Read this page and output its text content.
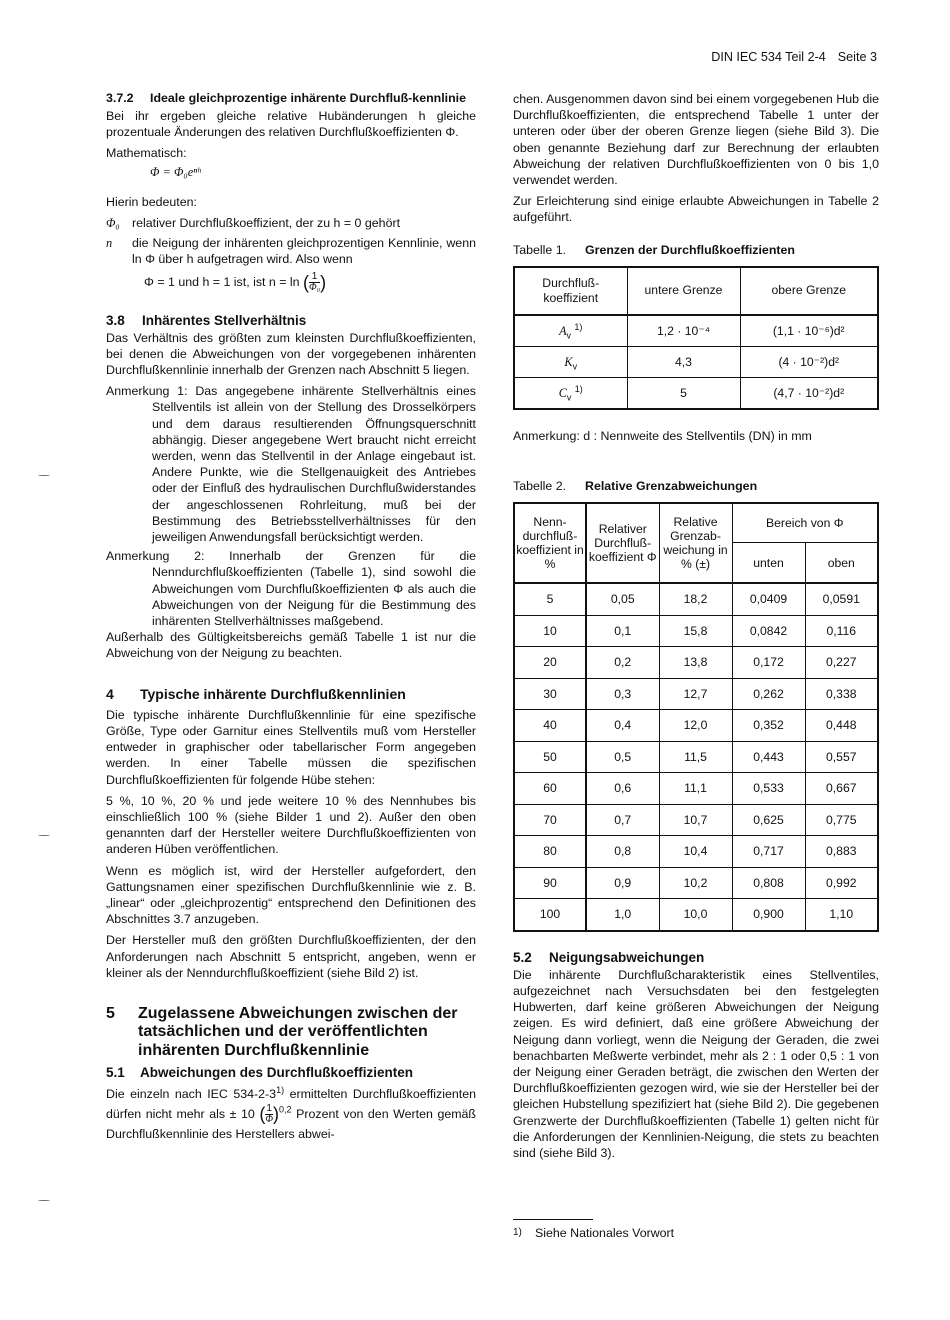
DIN IEC 534 Teil 2-4 Seite 3
3.7.2	Ideale gleichprozentige inhärente Durchfluß-kennlinie

Bei ihr ergeben gleiche relative Hubänderungen h gleiche prozentuale Änderungen des relativen Durchflußkoeffizienten Φ.

Mathematisch:

Φ = Φ₀eⁿʰ

Hierin bedeuten:

Φ₀ relativer Durchflußkoeffizient, der zu h = 0 gehört
n	die Neigung der inhärenten gleichprozentigen Kennlinie, wenn ln Φ über h aufgetragen wird. Also wenn
Φ = 1 und h = 1 ist, ist n = ln ( $\frac{1}{\text{Φ₀}}$ )
3.8	Inhärentes Stellverhältnis

Das Verhältnis des größten zum kleinsten Durchflußkoeffizienten, bei denen die Abweichungen von der vorgegebenen inhärenten Durchflußkennlinie innerhalb der Grenzen nach Abschnitt 5 liegen.

Anmerkung 1: Das angegebene inhärente Stellverhältnis eines Stellventils ist allein von der Stellung des Drosselkörpers und dem daraus resultierenden Öffnungsquerschnitt abhängig. Dieser angegebene Wert braucht nicht erreicht werden, wenn das Stellventil in der Anlage eingebaut ist. Andere Punkte, wie die Stellgenauigkeit des Antriebes oder der Einfluß des hydraulischen Durchflußwiderstandes der angeschlossenen Rohrleitung, muß bei der Bestimmung des Betriebsstellverhältnisses für den jeweiligen Anwendungsfall berücksichtigt werden.

Anmerkung 2: Innerhalb der Grenzen für die Nenndurchflußkoeffizienten (Tabelle 1), sind sowohl die Abweichungen vom Durchflußkoeffizienten Φ als auch die Abweichungen von der Neigung für die Bestimmung des inhärenten Stellverhältnisses maßgebend.

Außerhalb des Gültigkeitsbereichs gemäß Tabelle 1 ist nur die Abweichung von der Neigung zu beachten.

4	Typische inhärente Durchflußkennlinien

Die typische inhärente Durchflußkennlinie für eine spezifische Größe, Type oder Garnitur eines Stellventils muß vom Hersteller entweder in graphischer oder tabellarischer Form angegeben werden. In einer Tabelle müssen die spezifischen Durchflußkoeffizienten für folgende Hübe stehen:

5 %, 10 %, 20 % und jede weitere 10 % des Nennhubes bis einschließlich 100 % (siehe Bilder 1 und 2). Außer den oben genannten darf der Hersteller weitere Durchflußkoeffizienten von anderen Hüben veröffentlichen.

Wenn es möglich ist, wird der Hersteller aufgefordert, den Gattungsnamen einer spezifischen Durchflußkennlinie wie z. B. „linear“ oder „gleichprozentig“ entsprechend den Definitionen des Abschnittes 3.7 anzugeben.

Der Hersteller muß den größten Durchflußkoeffizienten, der den Anforderungen nach Abschnitt 5 entspricht, angeben, wenn er kleiner als der Nenndurchflußkoeffizient (siehe Bild 2) ist.

5	Zugelassene Abweichungen zwischen der tatsächlichen und der veröffentlichten inhärenten Durchflußkennlinie
5.1	Abweichungen des Durchflußkoeffizienten

Die einzeln nach IEC 534-2-3$^{1)}$ ermittelten Durchflußkoeffizienten dürfen nicht mehr als ± 10 ( $\frac{1}{\Phi} )^{0,2}$ Prozent von den Werten gemäß Durchflußkennlinie des Herstellers abwei-

chen. Ausgenommen davon sind bei einem vorgegebenen Hub die Durchflußkoeffizienten, die entsprechend Tabelle 1 unter der unteren oder über der oberen Grenze liegen (siehe Bild 3). Die oben genannte Beziehung darf zur Berechnung der erlaubten Abweichung der relativen Durchflußkoeffizienten von 0 bis 1,0 verwendet werden.

Zur Erleichterung sind einige erlaubte Abweichungen in Tabelle 2 aufgeführt.

Tabelle 1. Grenzen der Durchflußkoeffizienten
Durchfluß-koeffizient	untere Grenze	obere Grenze
$A_v$ $^{1)}$	1,2 · 10⁻⁴	(1,1 · 10⁻⁶)d²
$K_v$	4,3	(4 · 10⁻²)d²
$C_v$ $^{1)}$	5	(4,7 · 10⁻²)d²

Anmerkung: d : Nennweite des Stellventils (DN) in mm

Tabelle 2. Relative Grenzabweichungen
Nenn-durchfluß-koeffizient in %	Relativer Durchfluß-koeffizient Φ	Relative Grenzab-weichung in % (±)	Bereich von Φ	
			unten	oben
5	0,05	18,2	0,0409	0,0591
10	0,1	15,8	0,0842	0,116
20	0,2	13,8	0,172	0,227
30	0,3	12,7	0,262	0,338
40	0,4	12,0	0,352	0,448
50	0,5	11,5	0,443	0,557
60	0,6	11,1	0,533	0,667
70	0,7	10,7	0,625	0,775
80	0,8	10,4	0,717	0,883
90	0,9	10,2	0,808	0,992
100	1,0	10,0	0,900	1,10
5.2	Neigungsabweichungen

Die inhärente Durchflußcharakteristik eines Stellventiles, aufgezeichnet nach Versuchsdaten bei den festgelegten Hubwerten, darf keine größeren Abweichungen der Neigung zeigen. Es wird definiert, daß eine größere Abweichung der Neigung dann vorliegt, wenn die Neigung der Geraden, die zwei benachbarten Meßwerte verbindet, mehr als 2 : 1 oder 0,5 : 1 von der Neigung einer Geraden beträgt, die zwischen den Werten der Durchflußkoeffizienten gezogen wird, wie sie der Hersteller bei der gleichen Hubstellung spezifiziert hat (siehe Bild 2). Die gegebenen Grenzwerte der Durchflußkoeffizienten (Tabelle 1) gelten nicht für die Anforderungen der Kennlinien-Neigung, die stets zu beachten sind (siehe Bild 3).

1)	Siehe Nationales Vorwort
